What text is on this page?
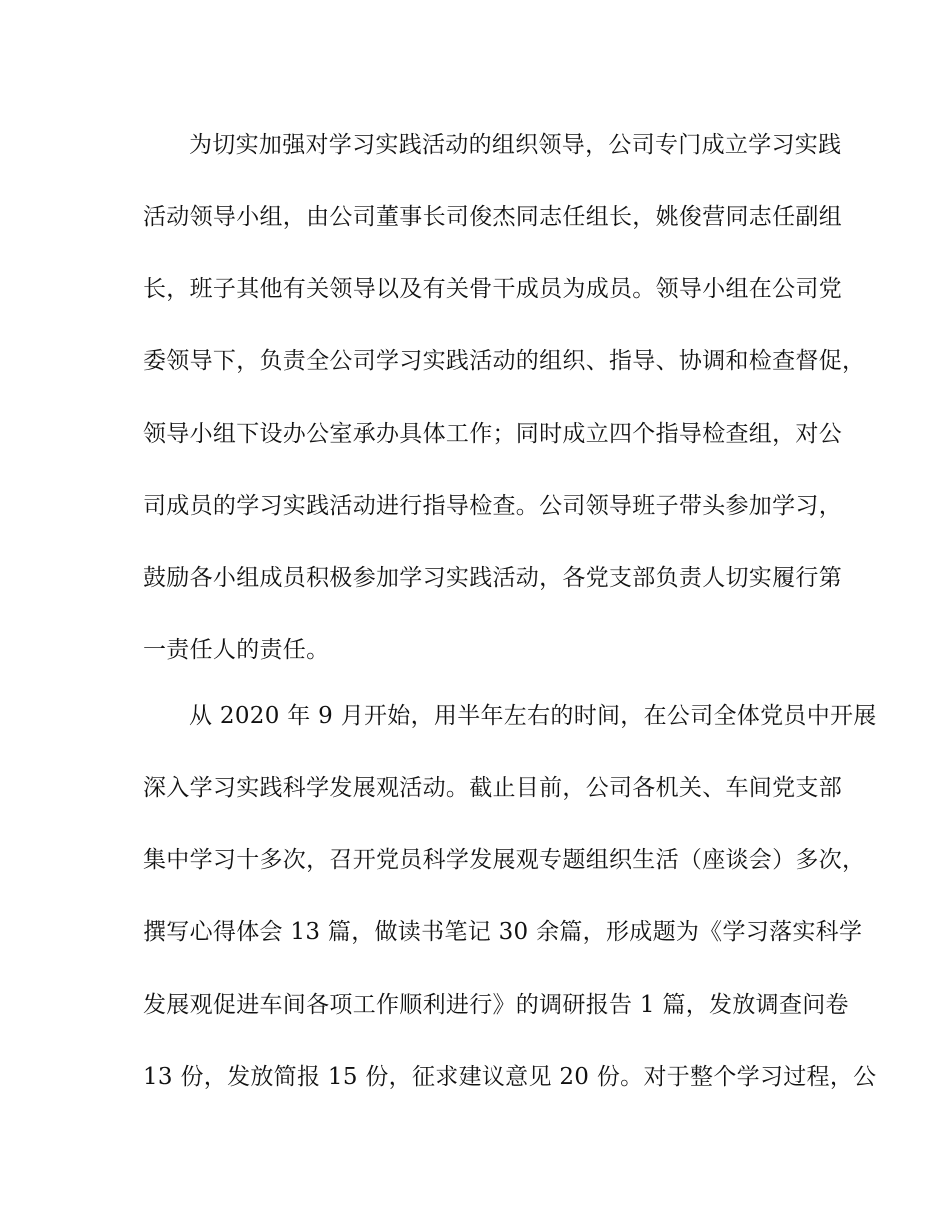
为切实加强对学习实践活动的组织领导，公司专门成立学习实践
活动领导小组，由公司董事长司俊杰同志任组长，姚俊营同志任副组
长，班子其他有关领导以及有关骨干成员为成员。领导小组在公司党
委领导下，负责全公司学习实践活动的组织、指导、协调和检查督促，
领导小组下设办公室承办具体工作；同时成立四个指导检查组，对公
司成员的学习实践活动进行指导检查。公司领导班子带头参加学习，
鼓励各小组成员积极参加学习实践活动，各党支部负责人切实履行第
一责任人的责任。
从 2020 年 9 月开始，用半年左右的时间，在公司全体党员中开展
深入学习实践科学发展观活动。截止目前，公司各机关、车间党支部
集中学习十多次，召开党员科学发展观专题组织生活（座谈会）多次，
撰写心得体会 13 篇，做读书笔记 30 余篇，形成题为《学习落实科学
发展观促进车间各项工作顺利进行》的调研报告 1 篇，发放调查问卷
13 份，发放简报 15 份，征求建议意见 20 份。对于整个学习过程，公
